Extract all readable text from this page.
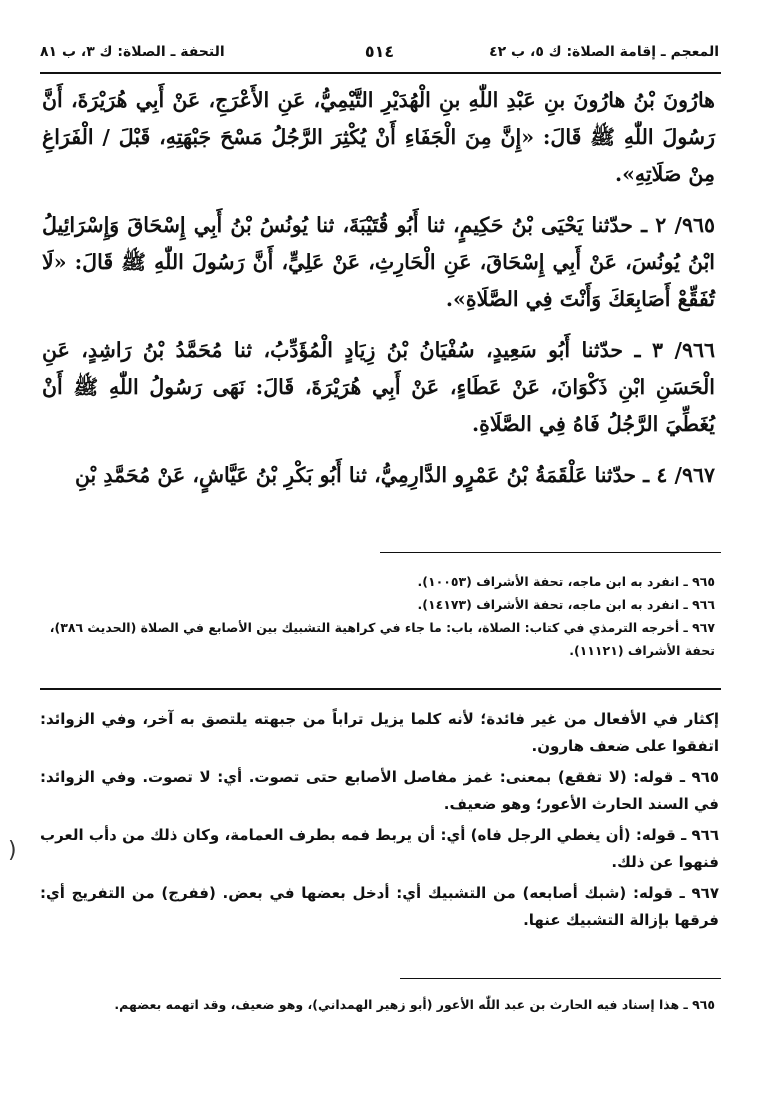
المعجم ـ إقامة الصلاة: ك ٥، ب ٤٢
٥١٤
التحفة ـ الصلاة: ك ٣، ب ٨١

هارُونَ بْنُ هارُونَ بنِ عَبْدِ اللّٰهِ بنِ الْهُدَيْرِ التَّيْمِيُّ، عَنِ الأَعْرَجِ، عَنْ أَبِي هُرَيْرَةَ، أَنَّ رَسُولَ اللّٰهِ ﷺ قَالَ: «إِنَّ مِنَ الْجَفَاءِ أَنْ يُكْثِرَ الرَّجُلُ مَسْحَ جَبْهَتِهِ، قَبْلَ / الْفَرَاغِ مِنْ صَلَاتِهِ».

٩٦٥/ ٢ ـ حدّثنا يَحْيَى بْنُ حَكِيمٍ، ثنا أَبُو قُتَيْبَةَ، ثنا يُونُسُ بْنُ أَبِي إِسْحَاقَ وَإِسْرَائِيلُ ابْنُ يُونُسَ، عَنْ أَبِي إِسْحَاقَ، عَنِ الْحَارِثِ، عَنْ عَلِيٍّ، أَنَّ رَسُولَ اللّٰهِ ﷺ قَالَ: «لَا تُفَقِّعْ أَصَابِعَكَ وَأَنْتَ فِي الصَّلَاةِ».

٩٦٦/ ٣ ـ حدّثنا أَبُو سَعِيدٍ، سُفْيَانُ بْنُ زِيَادٍ الْمُؤَدِّبُ، ثنا مُحَمَّدُ بْنُ رَاشِدٍ، عَنِ الْحَسَنِ ابْنِ ذَكْوَانَ، عَنْ عَطَاءٍ، عَنْ أَبِي هُرَيْرَةَ، قَالَ: نَهَى رَسُولُ اللّٰهِ ﷺ أَنْ يُغَطِّيَ الرَّجُلُ فَاهُ فِي الصَّلَاةِ.

٩٦٧/ ٤ ـ حدّثنا عَلْقَمَةُ بْنُ عَمْرٍو الدَّارِمِيُّ، ثنا أَبُو بَكْرِ بْنُ عَيَّاشٍ، عَنْ مُحَمَّدِ بْنِ

٩٦٥ ـ انفرد به ابن ماجه، تحفة الأشراف (١٠٠٥٣).
٩٦٦ ـ انفرد به ابن ماجه، تحفة الأشراف (١٤١٧٣).
٩٦٧ ـ أخرجه الترمذي في كتاب: الصلاة، باب: ما جاء في كراهية التشبيك بين الأصابع في الصلاة (الحديث ٣٨٦)، تحفة الأشراف (١١١٢١).

إكثار في الأفعال من غير فائدة؛ لأنه كلما يزيل تراباً من جبهته يلتصق به آخر، وفي الزوائد: اتفقوا على ضعف هارون.

٩٦٥ ـ قوله: (لا تفقع) بمعنى: غمز مفاصل الأصابع حتى تصوت. أي: لا تصوت. وفي الزوائد: في السند الحارث الأعور؛ وهو ضعيف.

٩٦٦ ـ قوله: (أن يغطي الرجل فاه) أي: أن يربط فمه بطرف العمامة، وكان ذلك من دأب العرب فنهوا عن ذلك.

٩٦٧ ـ قوله: (شبك أصابعه) من التشبيك أي: أدخل بعضها في بعض. (ففرج) من التفريج أي: فرقها بإزالة التشبيك عنها.

٩٦٥ ـ هذا إسناد فيه الحارث بن عبد اللّٰه الأعور (أبو زهير الهمداني)، وهو ضعيف، وقد اتهمه بعضهم.
(
